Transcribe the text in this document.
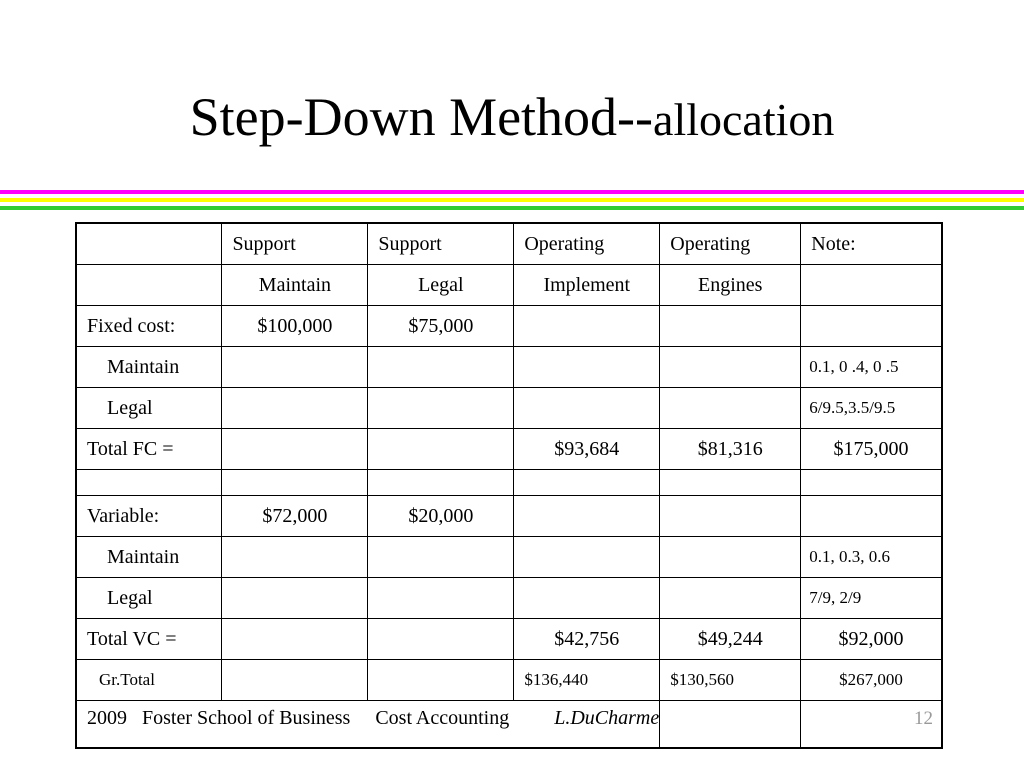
Step-Down Method--allocation
	Support	Support	Operating	Operating	Note:
	Maintain	Legal	Implement	Engines	
Fixed cost:	$100,000	$75,000			
Maintain					0.1, 0 .4, 0 .5
Legal					6/9.5,3.5/9.5
Total FC =			$93,684	$81,316	$175,000

Variable:	$72,000	$20,000			
Maintain					0.1, 0.3, 0.6
Legal					7/9, 2/9
Total VC =			$42,756	$49,244	$92,000
Gr.Total			$136,440	$130,560	$267,000
2009 Foster School of Business Cost Accounting L.DuCharme						12
